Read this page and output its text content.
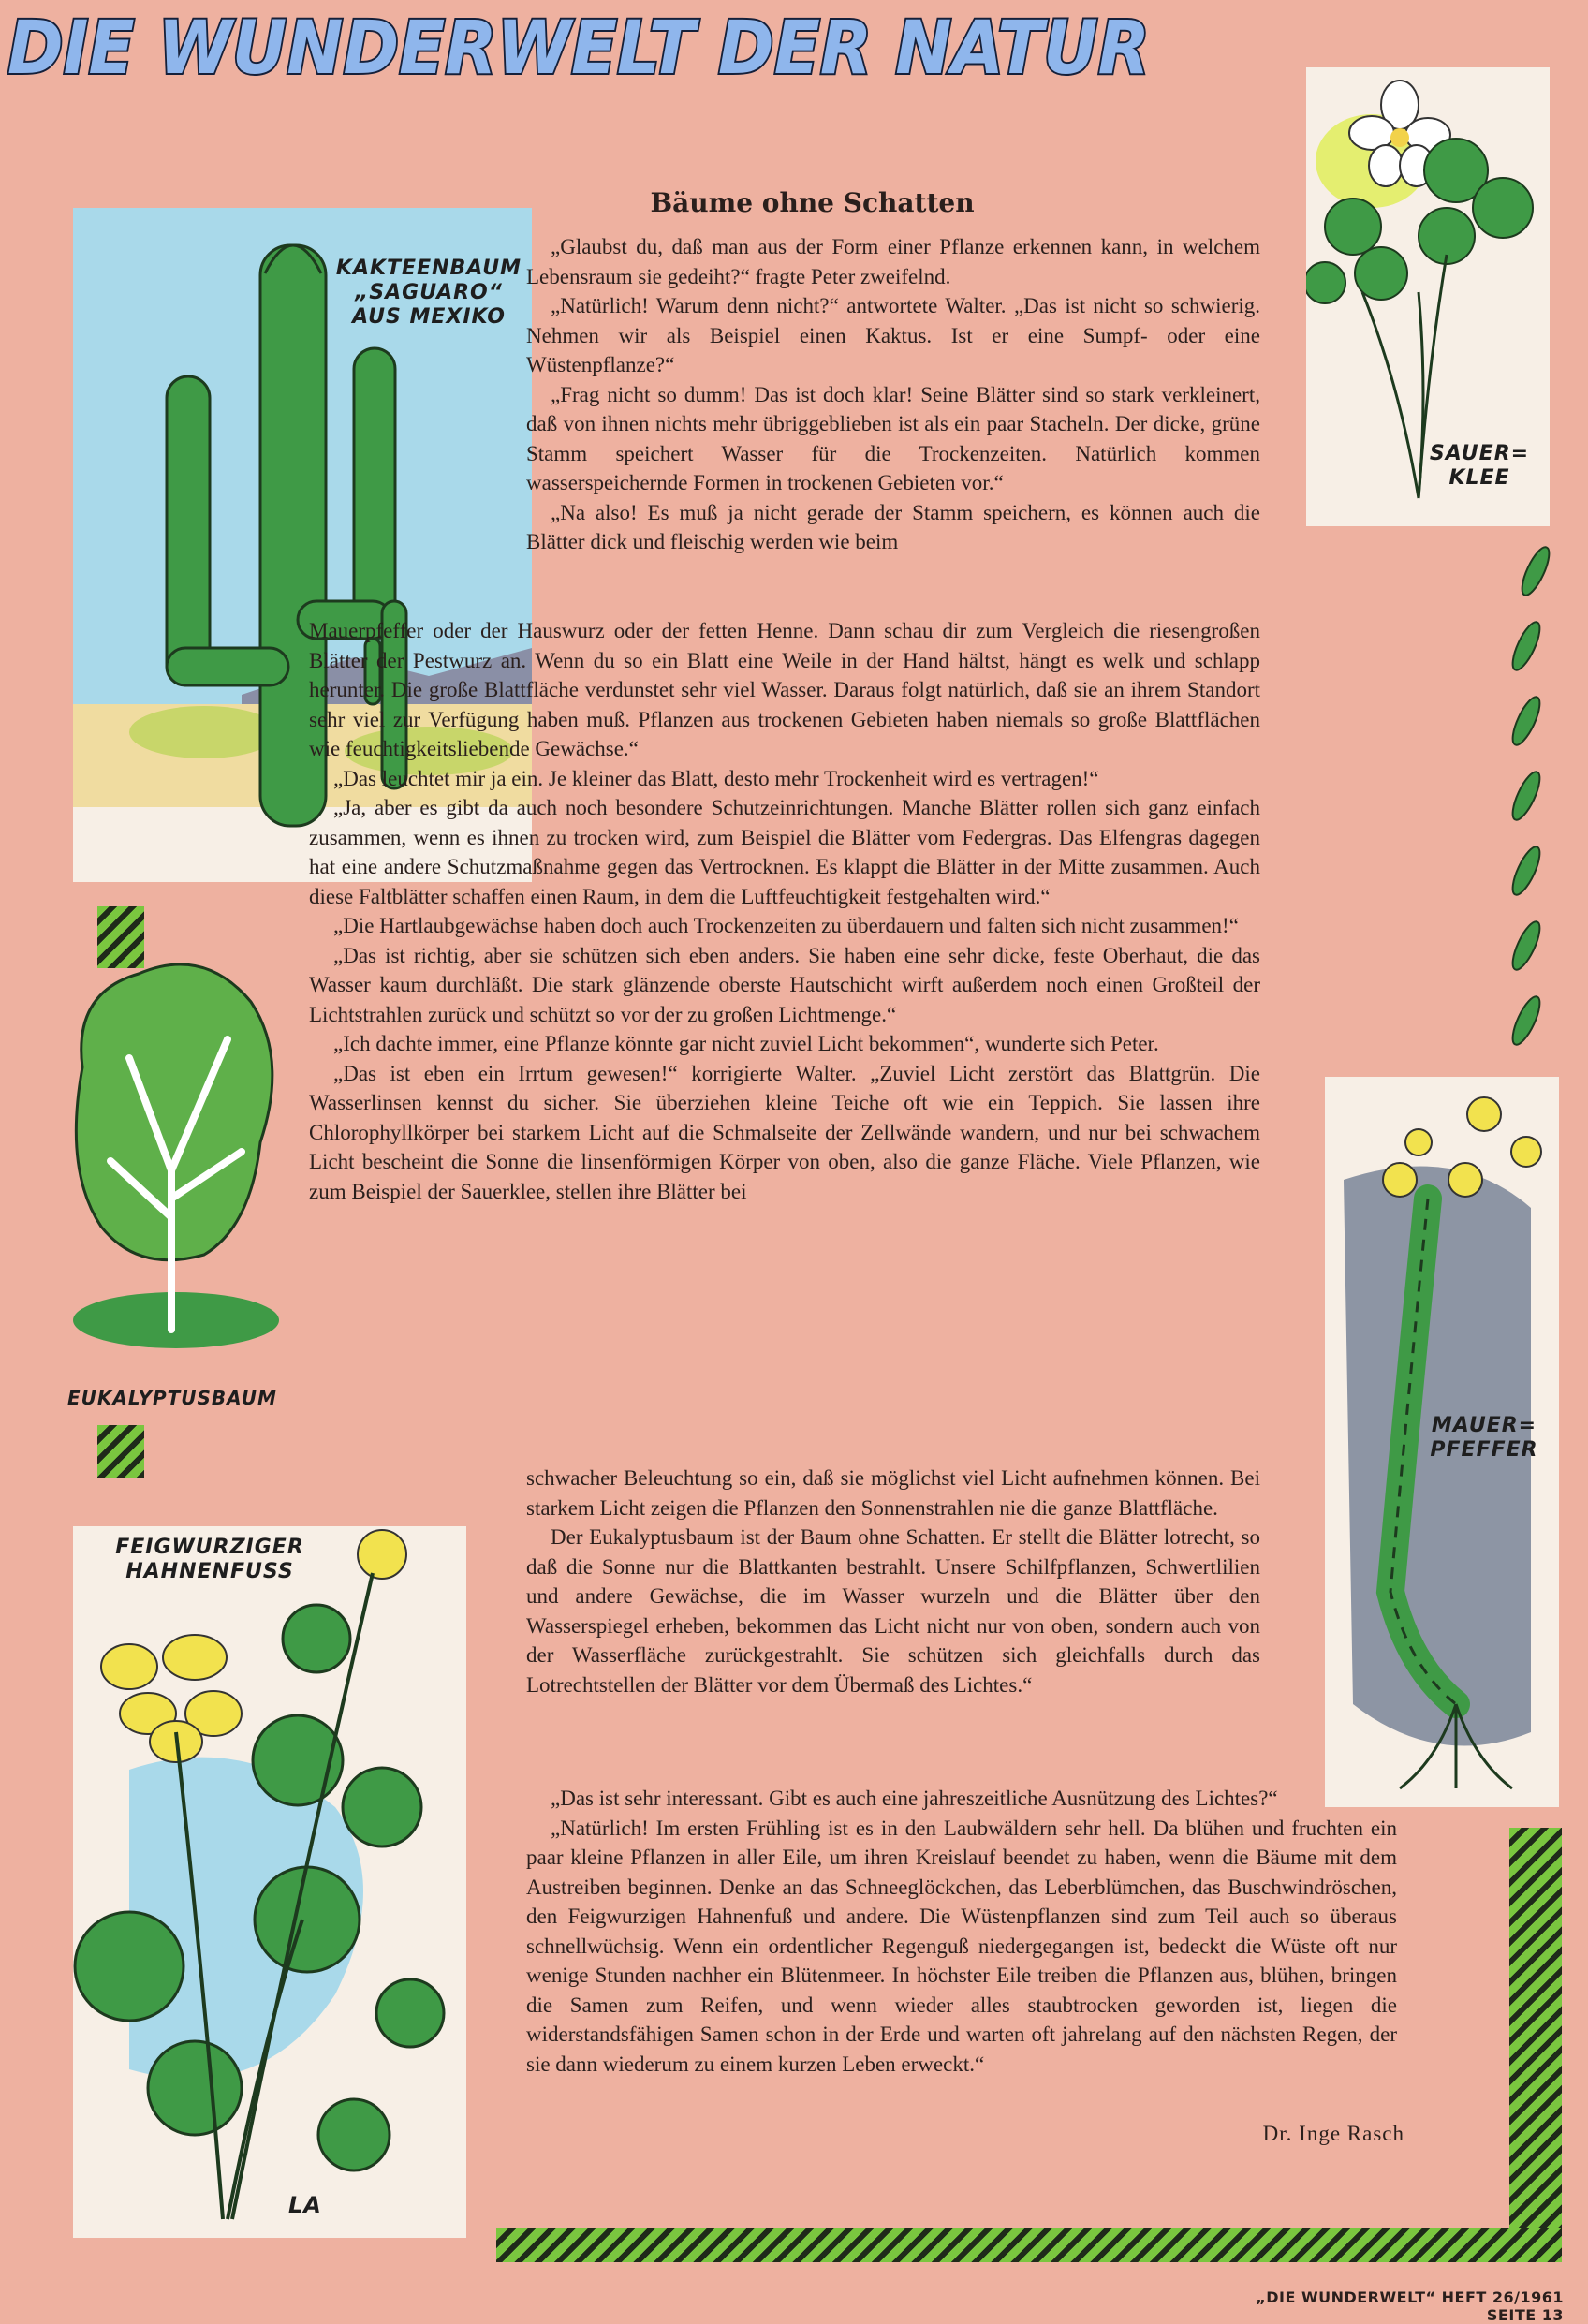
DIE WUNDERWELT DER NATUR
KAKTEENBAUM
„SAGUARO“
AUS MEXIKO
SAUER=
KLEE
EUKALYPTUSBAUM
FEIGWURZIGER
HAHNENFUSS
LA
MAUER=
PFEFFER
Bäume ohne Schatten

„Glaubst du, daß man aus der Form einer Pflanze erkennen kann, in welchem Lebensraum sie gedeiht?“ fragte Peter zweifelnd.

„Natürlich! Warum denn nicht?“ antwortete Walter. „Das ist nicht so schwierig. Nehmen wir als Beispiel einen Kaktus. Ist er eine Sumpf- oder eine Wüstenpflanze?“

„Frag nicht so dumm! Das ist doch klar! Seine Blätter sind so stark verkleinert, daß von ihnen nichts mehr übriggeblieben ist als ein paar Stacheln. Der dicke, grüne Stamm speichert Wasser für die Trockenzeiten. Natürlich kommen wasserspeichernde Formen in trockenen Gebieten vor.“

„Na also! Es muß ja nicht gerade der Stamm speichern, es können auch die Blätter dick und fleischig werden wie beim

Mauerpfeffer oder der Hauswurz oder der fetten Henne. Dann schau dir zum Vergleich die riesengroßen Blätter der Pestwurz an. Wenn du so ein Blatt eine Weile in der Hand hältst, hängt es welk und schlapp herunter. Die große Blattfläche verdunstet sehr viel Wasser. Daraus folgt natürlich, daß sie an ihrem Standort sehr viel zur Verfügung haben muß. Pflanzen aus trockenen Gebieten haben niemals so große Blattflächen wie feuchtigkeitsliebende Gewächse.“

„Das leuchtet mir ja ein. Je kleiner das Blatt, desto mehr Trockenheit wird es vertragen!“

„Ja, aber es gibt da auch noch besondere Schutzeinrichtungen. Manche Blätter rollen sich ganz einfach zusammen, wenn es ihnen zu trocken wird, zum Beispiel die Blätter vom Federgras. Das Elfengras dagegen hat eine andere Schutzmaßnahme gegen das Vertrocknen. Es klappt die Blätter in der Mitte zusammen. Auch diese Faltblätter schaffen einen Raum, in dem die Luftfeuchtigkeit festgehalten wird.“

„Die Hartlaubgewächse haben doch auch Trockenzeiten zu überdauern und falten sich nicht zusammen!“

„Das ist richtig, aber sie schützen sich eben anders. Sie haben eine sehr dicke, feste Oberhaut, die das Wasser kaum durchläßt. Die stark glänzende oberste Hautschicht wirft außerdem noch einen Großteil der Lichtstrahlen zurück und schützt so vor der zu großen Lichtmenge.“

„Ich dachte immer, eine Pflanze könnte gar nicht zuviel Licht bekommen“, wunderte sich Peter.

„Das ist eben ein Irrtum gewesen!“ korrigierte Walter. „Zuviel Licht zerstört das Blattgrün. Die Wasserlinsen kennst du sicher. Sie überziehen kleine Teiche oft wie ein Teppich. Sie lassen ihre Chlorophyllkörper bei starkem Licht auf die Schmalseite der Zellwände wandern, und nur bei schwachem Licht bescheint die Sonne die linsenförmigen Körper von oben, also die ganze Fläche. Viele Pflanzen, wie zum Beispiel der Sauerklee, stellen ihre Blätter bei

schwacher Beleuchtung so ein, daß sie möglichst viel Licht aufnehmen können. Bei starkem Licht zeigen die Pflanzen den Sonnenstrahlen nie die ganze Blattfläche.

Der Eukalyptusbaum ist der Baum ohne Schatten. Er stellt die Blätter lotrecht, so daß die Sonne nur die Blattkanten bestrahlt. Unsere Schilfpflanzen, Schwertlilien und andere Gewächse, die im Wasser wurzeln und die Blätter über den Wasserspiegel erheben, bekommen das Licht nicht nur von oben, sondern auch von der Wasserfläche zurückgestrahlt. Sie schützen sich gleichfalls durch das Lotrechtstellen der Blätter vor dem Übermaß des Lichtes.“

„Das ist sehr interessant. Gibt es auch eine jahreszeitliche Ausnützung des Lichtes?“

„Natürlich! Im ersten Frühling ist es in den Laubwäldern sehr hell. Da blühen und fruchten ein paar kleine Pflanzen in aller Eile, um ihren Kreislauf beendet zu haben, wenn die Bäume mit dem Austreiben beginnen. Denke an das Schneeglöckchen, das Leberblümchen, das Buschwindröschen, den Feigwurzigen Hahnenfuß und andere. Die Wüstenpflanzen sind zum Teil auch so überaus schnellwüchsig. Wenn ein ordentlicher Regenguß niedergegangen ist, bedeckt die Wüste oft nur wenige Stunden nachher ein Blütenmeer. In höchster Eile treiben die Pflanzen aus, blühen, bringen die Samen zum Reifen, und wenn wieder alles staubtrocken geworden ist, liegen die widerstandsfähigen Samen schon in der Erde und warten oft jahrelang auf den nächsten Regen, der sie dann wiederum zu einem kurzen Leben erweckt.“

Dr. Inge Rasch
„DIE WUNDERWELT“ HEFT 26/1961 SEITE 13
